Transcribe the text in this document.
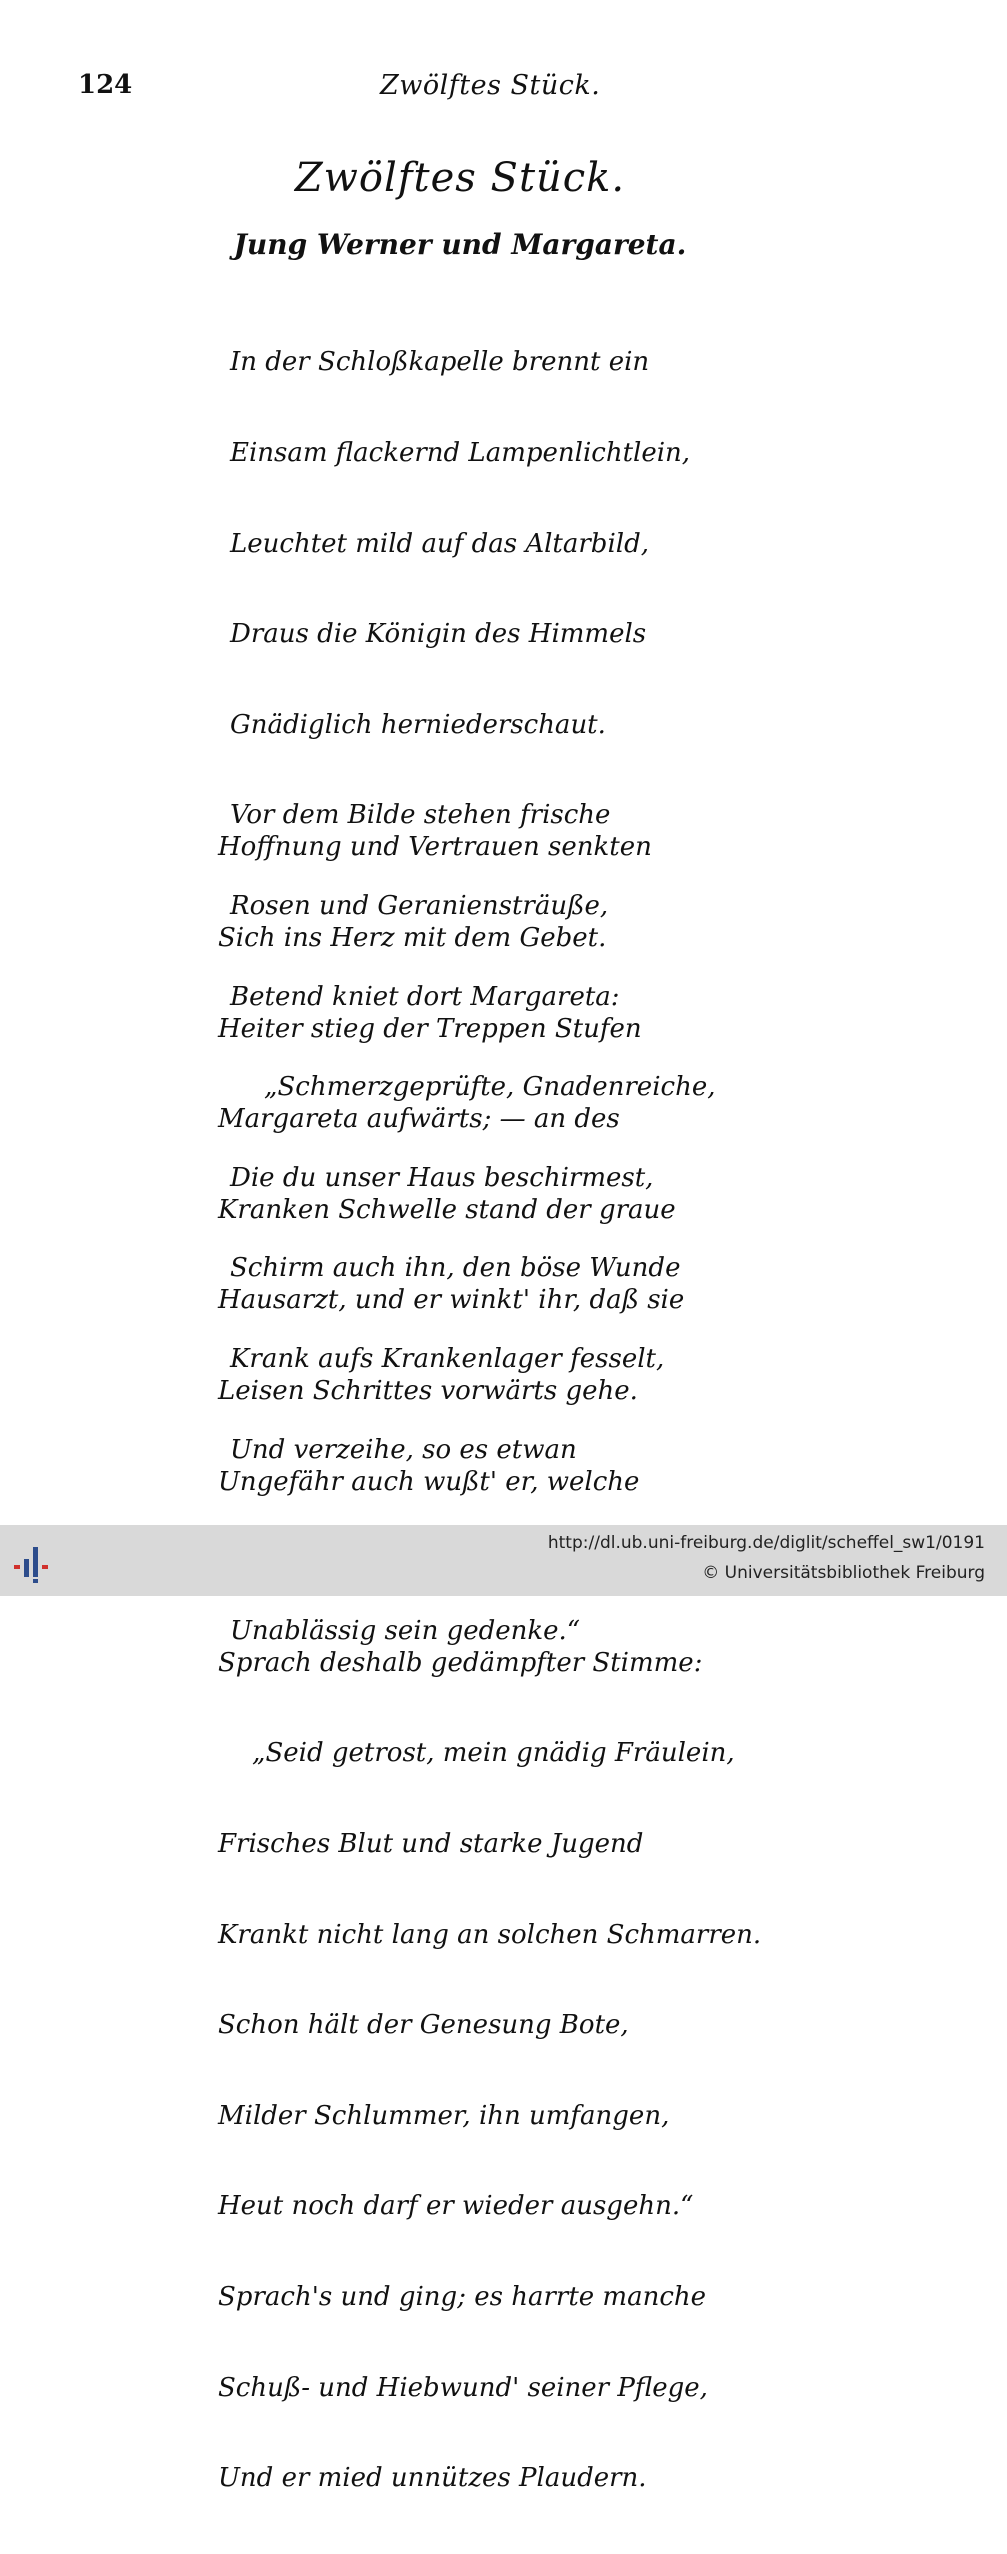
124	Zwölftes Stück.
Zwölftes Stück.
Jung Werner und Margareta.

In der Schloßkapelle brennt ein

Einsam flackernd Lampenlichtlein,

Leuchtet mild auf das Altarbild,

Draus die Königin des Himmels

Gnädiglich herniederschaut.

Vor dem Bilde stehen frische

Rosen und Geraniensträuße,

Betend kniet dort Margareta:

„Schmerzgeprüfte, Gnadenreiche,

Die du unser Haus beschirmest,

Schirm auch ihn, den böse Wunde

Krank aufs Krankenlager fesselt,

Und verzeihe, so es etwan

Unablässig sein gedenke.“

Hoffnung und Vertrauen senkten

Sich ins Herz mit dem Gebet.

Heiter stieg der Treppen Stufen

Margareta aufwärts; — an des

Kranken Schwelle stand der graue

Hausarzt, und er winkt' ihr, daß sie

Leisen Schrittes vorwärts gehe.

Ungefähr auch wußt' er, welche

Sprach deshalb gedämpfter Stimme:

„Seid getrost, mein gnädig Fräulein,

Frisches Blut und starke Jugend

Krankt nicht lang an solchen Schmarren.

Schon hält der Genesung Bote,

Milder Schlummer, ihn umfangen,

Heut noch darf er wieder ausgehn.“

Sprach's und ging; es harrte manche

Schuß- und Hiebwund' seiner Pflege,

Und er mied unnützes Plaudern.

http://dl.ub.uni-freiburg.de/diglit/scheffel_sw1/0191
© Universitätsbibliothek Freiburg
